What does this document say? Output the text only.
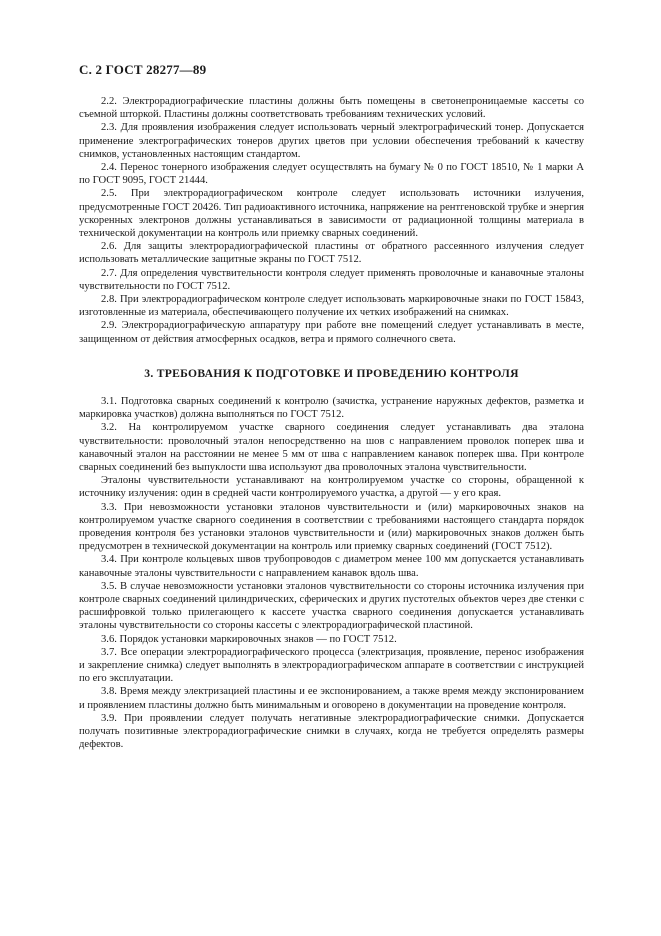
С. 2 ГОСТ 28277—89

2.2. Электрорадиографические пластины должны быть помещены в светонепроницаемые кассеты со съемной шторкой. Пластины должны соответствовать требованиям технических условий.

2.3. Для проявления изображения следует использовать черный электрографический тонер. Допускается применение электрографических тонеров других цветов при условии обеспечения требований к качеству снимков, установленных настоящим стандартом.

2.4. Перенос тонерного изображения следует осуществлять на бумагу № 0 по ГОСТ 18510, № 1 марки А по ГОСТ 9095, ГОСТ 21444.

2.5. При электрорадиографическом контроле следует использовать источники излучения, предусмотренные ГОСТ 20426. Тип радиоактивного источника, напряжение на рентгеновской трубке и энергия ускоренных электронов должны устанавливаться в зависимости от радиационной толщины материала в технической документации на контроль или приемку сварных соединений.

2.6. Для защиты электрорадиографической пластины от обратного рассеянного излучения следует использовать металлические защитные экраны по ГОСТ 7512.

2.7. Для определения чувствительности контроля следует применять проволочные и канавочные эталоны чувствительности по ГОСТ 7512.

2.8. При электрорадиографическом контроле следует использовать маркировочные знаки по ГОСТ 15843, изготовленные из материала, обеспечивающего получение их четких изображений на снимках.

2.9. Электрорадиографическую аппаратуру при работе вне помещений следует устанавливать в месте, защищенном от действия атмосферных осадков, ветра и прямого солнечного света.

3. ТРЕБОВАНИЯ К ПОДГОТОВКЕ И ПРОВЕДЕНИЮ КОНТРОЛЯ

3.1. Подготовка сварных соединений к контролю (зачистка, устранение наружных дефектов, разметка и маркировка участков) должна выполняться по ГОСТ 7512.

3.2. На контролируемом участке сварного соединения следует устанавливать два эталона чувствительности: проволочный эталон непосредственно на шов с направлением проволок поперек шва и канавочный эталон на расстоянии не менее 5 мм от шва с направлением канавок поперек шва. При контроле сварных соединений без выпуклости шва используют два проволочных эталона чувствительности.

Эталоны чувствительности устанавливают на контролируемом участке со стороны, обращенной к источнику излучения: один в средней части контролируемого участка, а другой — у его края.

3.3. При невозможности установки эталонов чувствительности и (или) маркировочных знаков на контролируемом участке сварного соединения в соответствии с требованиями настоящего стандарта порядок проведения контроля без установки эталонов чувствительности и (или) маркировочных знаков должен быть предусмотрен в технической документации на контроль или приемку сварных соединений (ГОСТ 7512).

3.4. При контроле кольцевых швов трубопроводов с диаметром менее 100 мм допускается устанавливать канавочные эталоны чувствительности с направлением канавок вдоль шва.

3.5. В случае невозможности установки эталонов чувствительности со стороны источника излучения при контроле сварных соединений цилиндрических, сферических и других пустотелых объектов через две стенки с расшифровкой только прилегающего к кассете участка сварного соединения допускается устанавливать эталоны чувствительности со стороны кассеты с электрорадиографической пластиной.

3.6. Порядок установки маркировочных знаков — по ГОСТ 7512.

3.7. Все операции электрорадиографического процесса (электризация, проявление, перенос изображения и закрепление снимка) следует выполнять в электрорадиографическом аппарате в соответствии с инструкцией по его эксплуатации.

3.8. Время между электризацией пластины и ее экспонированием, а также время между экспонированием и проявлением пластины должно быть минимальным и оговорено в документации на проведение контроля.

3.9. При проявлении следует получать негативные электрорадиографические снимки. Допускается получать позитивные электрорадиографические снимки в случаях, когда не требуется определять размеры дефектов.
